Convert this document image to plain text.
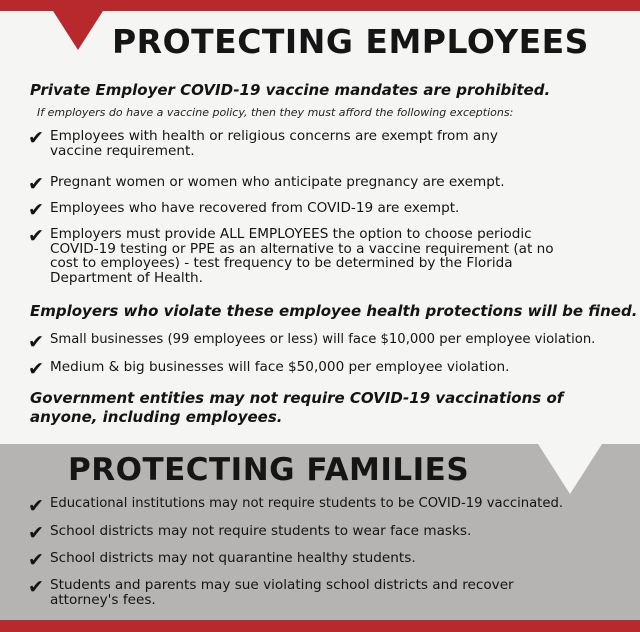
PROTECTING EMPLOYEES
Private Employer COVID-19 vaccine mandates are prohibited.
If employers do have a vaccine policy, then they must afford the following exceptions:
✔ Employees with health or religious concerns are exempt from any vaccine requirement.
✔ Pregnant women or women who anticipate pregnancy are exempt.
✔ Employees who have recovered from COVID-19 are exempt.
✔ Employers must provide ALL EMPLOYEES the option to choose periodic COVID-19 testing or PPE as an alternative to a vaccine requirement (at no cost to employees) - test frequency to be determined by the Florida Department of Health.
Employers who violate these employee health protections will be fined.
✔ Small businesses (99 employees or less) will face $10,000 per employee violation.
✔ Medium & big businesses will face $50,000 per employee violation.
Government entities may not require COVID-19 vaccinations of anyone, including employees.
PROTECTING FAMILIES
✔ Educational institutions may not require students to be COVID-19 vaccinated.
✔ School districts may not require students to wear face masks.
✔ School districts may not quarantine healthy students.
✔ Students and parents may sue violating school districts and recover attorney's fees.
